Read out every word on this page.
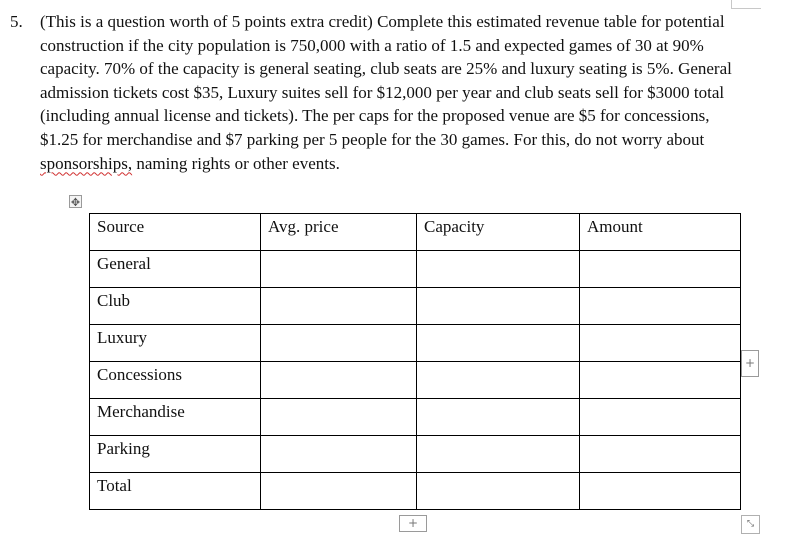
5. (This is a question worth of 5 points extra credit) Complete this estimated revenue table for potential construction if the city population is 750,000 with a ratio of 1.5 and expected games of 30 at 90% capacity. 70% of the capacity is general seating, club seats are 25% and luxury seating is 5%. General admission tickets cost $35, Luxury suites sell for $12,000 per year and club seats sell for $3000 total (including annual license and tickets). The per caps for the proposed venue are $5 for concessions, $1.25 for merchandise and $7 parking per 5 people for the 30 games. For this, do not worry about
sponsorships, naming rights or other events.
✥
Source	Avg. price	Capacity	Amount
General			
Club			
Luxury			
Concessions			
Merchandise			
Parking			
Total			
+
+	⤡
